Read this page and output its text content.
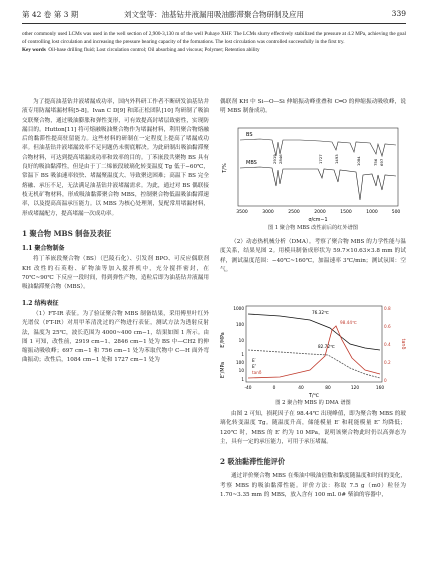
第 42 卷 第 3 期	刘文堂等：油基钻井液漏用吸油膨滞聚合物研制及应用	339
other commonly used LCMs was used in the well section of 2,900-3,130 m of the well Puhaye XHF. The LCMs slurry effectively stabilized the pressure at 4.2 MPa, achieving the goal of controlling lost circulation and increasing the pressure bearing capacity of the formations. The lost circulation was controlled successfully in the first try.
Key words Oil-base drilling fluid; Lost circulation control; Oil absorbing and viscous; Polymer; Retention ability

为了提高油基钻井液堵漏成功率，国内外科研工作者不断研发油基钻井液专用防漏堵漏材料[5-8]。Ivan C D[9] 和邱正松团队[10] 均研制了吸油交联聚合物，通过吸油膨胀和弹性变形，可有效提高封堵层致密性，实现防漏目的。Hutton[11] 将可熔融吸油聚合物作为堵漏材料，利用聚合物熔融后的黏滞性提高驻留能力。这些材料的研制在一定程度上提高了堵漏成功率。但油基钻井液堵漏效率不足问题仍未彻底解决。为此研制出吸油黏滞聚合物材料，可达到提高堵漏成功率和效率的目的。丁苯嵌段共聚物 BS 具有良好的吸油黏滞性，但是由于丁二烯嵌段玻璃化转变温度 Tg 低于−60℃，常温下 BS 吸油速率较快、堵漏聚温度大、导致聚送困难；高温下 BS 完全熔融、承压不足，无法满足油基钻井液堵漏需求。为此，通过对 BS 偶联接枝无机矿物材料，形成吸油黏滞聚合物 MBS，控制聚合物低温吸油黏滞速率，以及提高高温承压能力。以 MBS 为核心处理剂，复配常用堵漏材料，形成堵漏配方，提高堵漏一次成功率。

1 聚合物 MBS 制备及表征
1.1 聚合物制备

将丁苯嵌段聚合物（BS）（巴陵石化）、引发剂 BPO、可反应偶联剂 KH 改性的石英粉、矿物油等加入搅拌机中，充分搅拌密封，在 70℃~90℃ 下反应一段时间，得到弹性产物，造粒后即为油基钻井液漏用吸油黏滞聚合物（MBS）。

1.2 结构表征

（1）FT-IR 表征。为了验证聚合物 MBS 制备结果，采用傅里叶红外光谱仪（FT-IR）对用甲苯清洗过的产物进行表征，测试方法为透射反射法，温度为 25℃，波长范围为 4000~400 cm−1，结果如图 1 所示。由图 1 可知，改性前，2919 cm−1、2846 cm−1 处为 BS 中—CH2 的伸缩振动吸收峰；697 cm−1 和 756 cm−1 处为苯取代物中 C—H 面外弯曲振动；改性后，1084 cm−1 处和 1727 cm−1 处为

偶联剂 KH 中 Si—O—Si 伸缩振动峰重叠和 C═O 的伸缩振动吸收峰，说明 MBS 制备成功。

T/%
BS
MBS	2919 2846	1727	1493	1084	756 697
3500	3000	2500	2000	1500	1000	500
σ/cm−1
图 1 聚合物 MBS 改性前后的红外谱图

（2）动态热机械分析（DMA）。考察了聚合物 MBS 的力学性能与温度关系，结果见图 2。用模具制备成形状为 59.7×10.63×3.8 mm 的试样，测试温度范围：−40℃~160℃，加温速率 3℃/min；测试氛围：空气。

E′/MPa
E″/MPa
tanδ
1000
100
10
1
100
10
1
0.8
0.6
0.4
0.2
0
76.32℃
98.44℃
82.72℃
E′
E″
tanδ
-40	0	40	80	120	160
T/℃
图 2 聚合物 MBS 的 DMA 谱图

由图 2 可知，损耗因子在 98.44℃ 出现峰值，即为聚合物 MBS 的玻璃化转变温度 Tg。随温度升高，储能模量 E′ 和耗能模量 E″ 均降低；120℃ 时，MBS 的 E′ 约为 10 MPa，说明该聚合物此时仍以高弹态为主，具有一定的承压能力，可用于承压堵漏。

2 吸油黏滞性能评价

通过评价聚合物 MBS 在柴油中吸油倍数和黏度随温度和时间的变化，考察 MBS 的吸油黏滞性能。评价方法：称取 7.5 g（m0）粒径为 1.70~3.35 mm 的 MBS，放入含有 100 mL 0# 柴油的容器中，
